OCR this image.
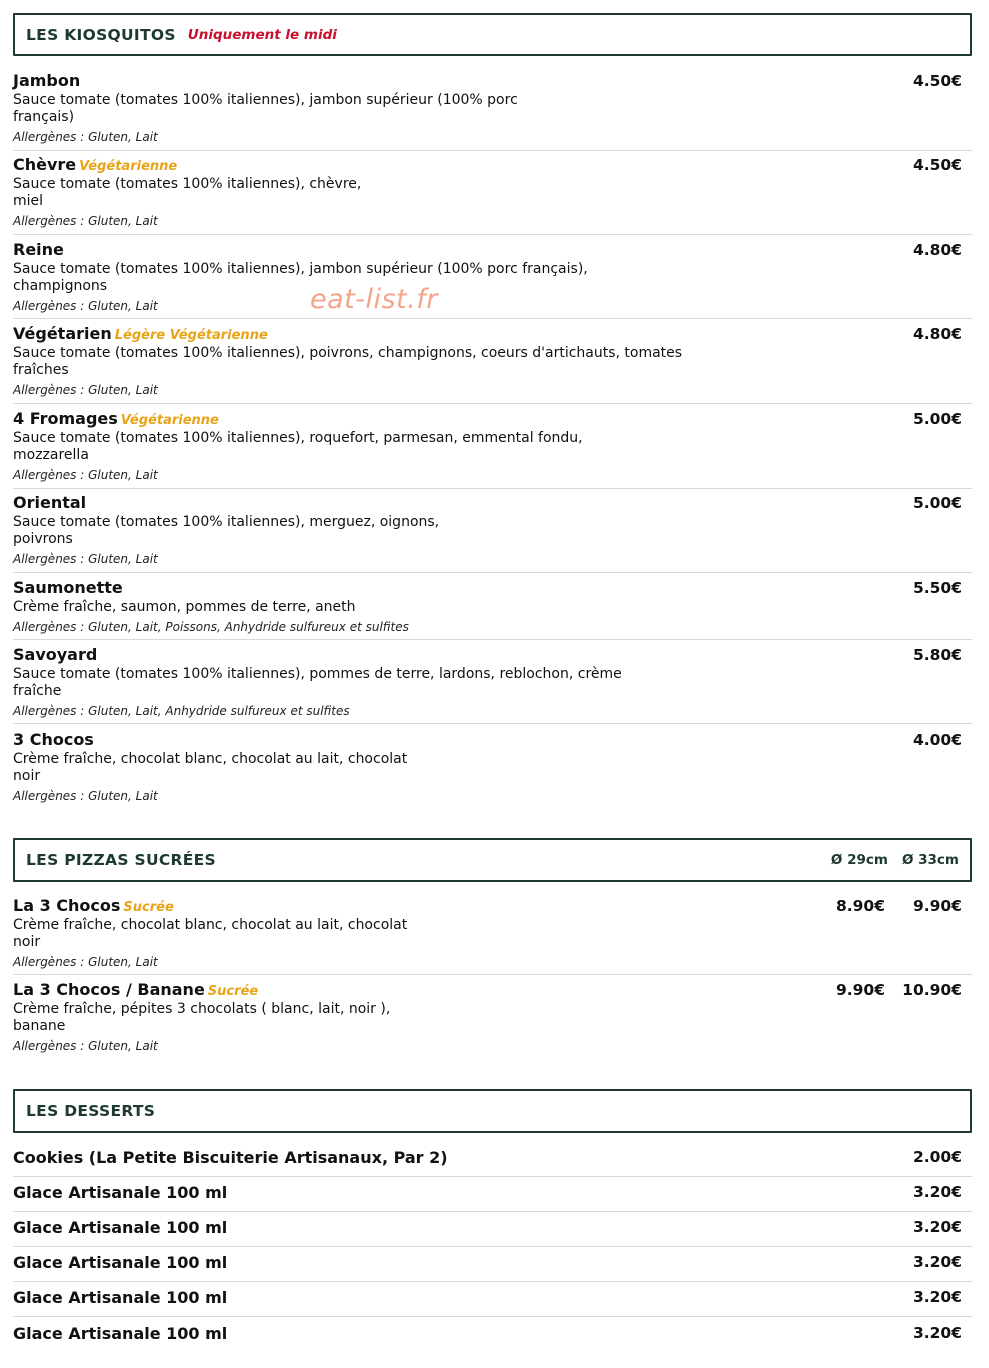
LES KIOSQUITOS Uniquement le midi
Jambon
Sauce tomate (tomates 100% italiennes), jambon supérieur (100% porc
français)
Allergènes : Gluten, Lait
4.50€
Chèvre Végétarienne
Sauce tomate (tomates 100% italiennes), chèvre,
miel
Allergènes : Gluten, Lait
4.50€
Reine
Sauce tomate (tomates 100% italiennes), jambon supérieur (100% porc français),
champignons
Allergènes : Gluten, Lait
4.80€
Végétarien Légère Végétarienne
Sauce tomate (tomates 100% italiennes), poivrons, champignons, coeurs d'artichauts, tomates
fraîches
Allergènes : Gluten, Lait
4.80€
4 Fromages Végétarienne
Sauce tomate (tomates 100% italiennes), roquefort, parmesan, emmental fondu,
mozzarella
Allergènes : Gluten, Lait
5.00€
Oriental
Sauce tomate (tomates 100% italiennes), merguez, oignons,
poivrons
Allergènes : Gluten, Lait
5.00€
Saumonette
Crème fraîche, saumon, pommes de terre, aneth
Allergènes : Gluten, Lait, Poissons, Anhydride sulfureux et sulfites
5.50€
Savoyard
Sauce tomate (tomates 100% italiennes), pommes de terre, lardons, reblochon, crème
fraîche
Allergènes : Gluten, Lait, Anhydride sulfureux et sulfites
5.80€
3 Chocos
Crème fraîche, chocolat blanc, chocolat au lait, chocolat
noir
Allergènes : Gluten, Lait
4.00€
LES PIZZAS SUCRÉES	Ø 29cm Ø 33cm
La 3 Chocos Sucrée
Crème fraîche, chocolat blanc, chocolat au lait, chocolat
noir
Allergènes : Gluten, Lait
8.90€	9.90€
La 3 Chocos / Banane Sucrée
Crème fraîche, pépites 3 chocolats ( blanc, lait, noir ),
banane
Allergènes : Gluten, Lait
9.90€	10.90€
LES DESSERTS
Cookies (La Petite Biscuiterie Artisanaux, Par 2)	2.00€
Glace Artisanale 100 ml	3.20€
Glace Artisanale 100 ml	3.20€
Glace Artisanale 100 ml	3.20€
Glace Artisanale 100 ml	3.20€
Glace Artisanale 100 ml	3.20€
eat-list.fr
